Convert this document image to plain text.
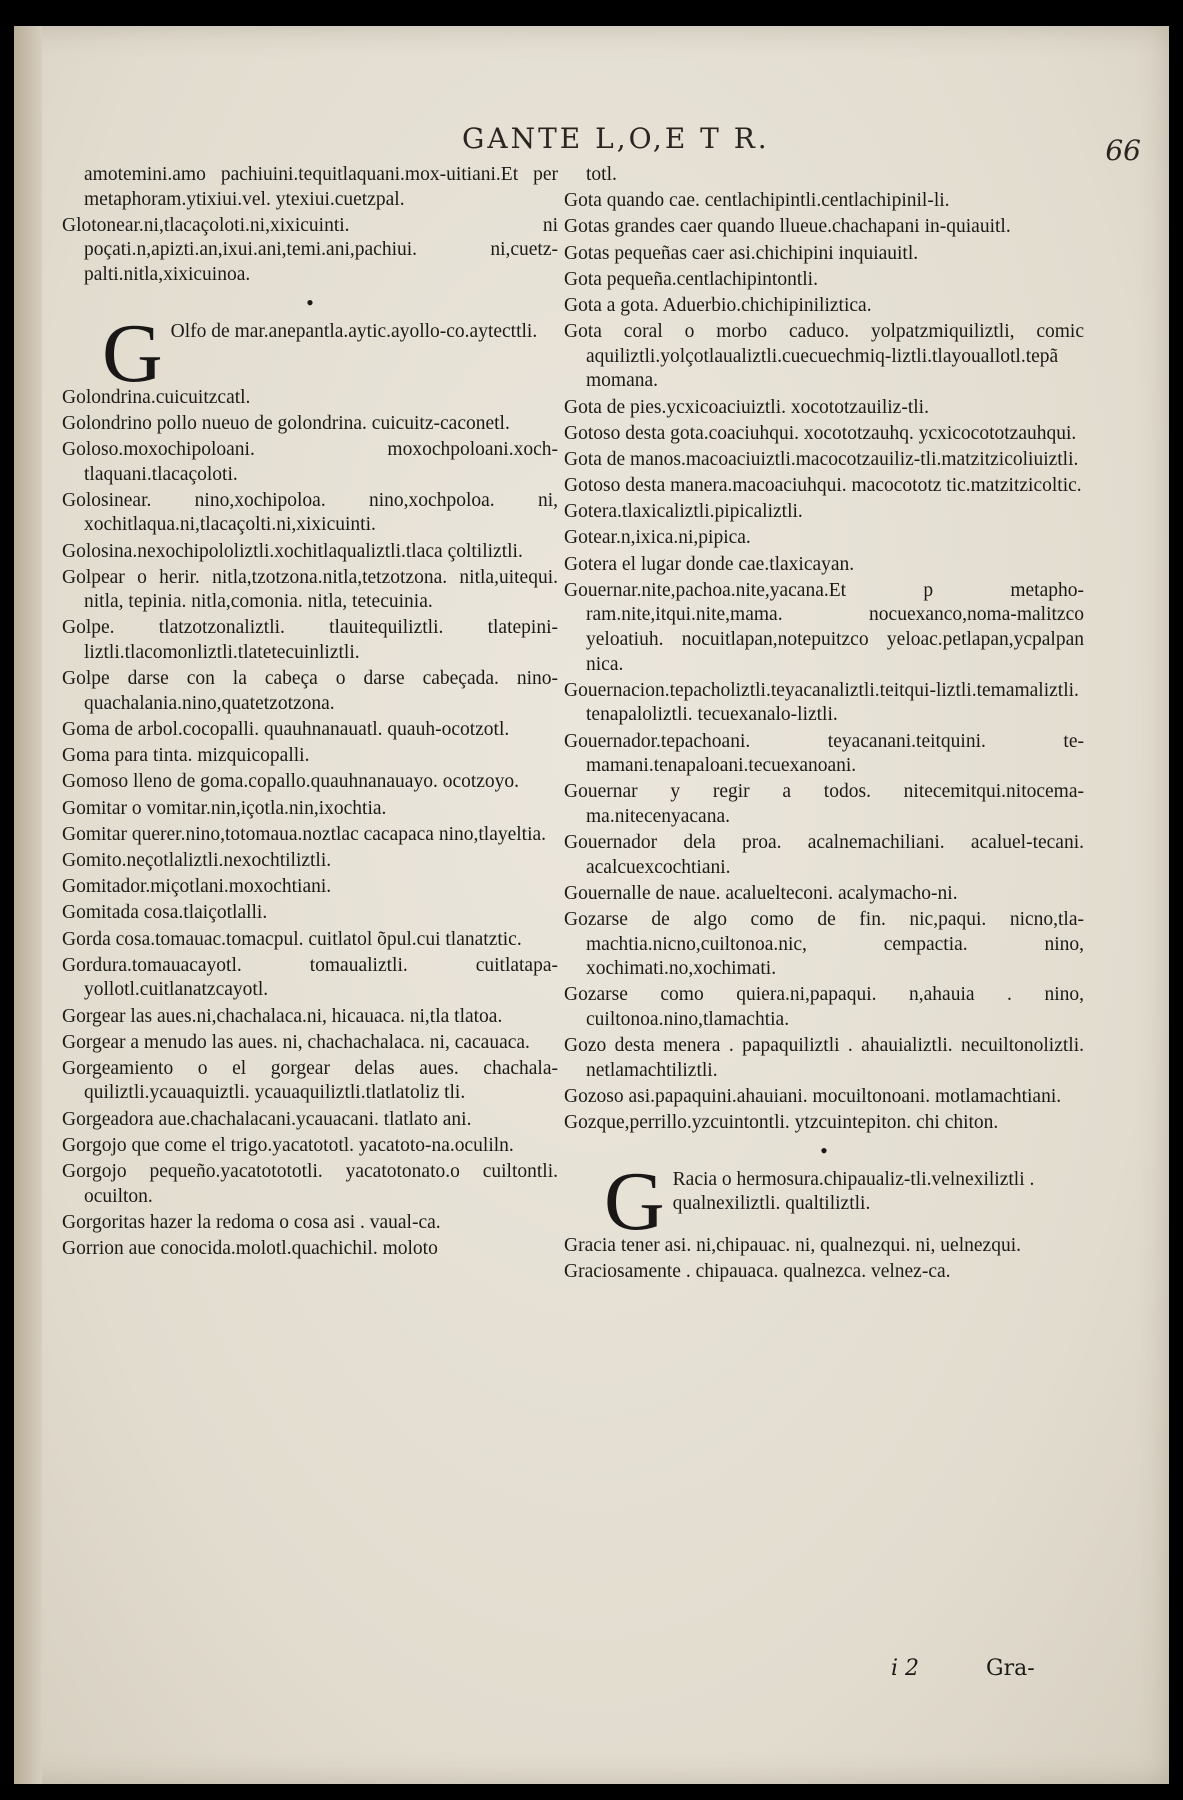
GANTE L,O,E T R.	66
amotemini.amo pachiuini.tequitlaquani.mox-uitiani.Et per metaphoram.ytixiui.vel. ytexiui.cuetzpal.
Glotonear.ni,tlacaçoloti.ni,xixicuinti. ni poçati.n,apizti.an,ixui.ani,temi.ani,pachiui. ni,cuetz-palti.nitla,xixicuinoa.
•
G Olfo de mar.anepantla.aytic.ayollo-co.aytecttli.
Golondrina.cuicuitzcatl.
Golondrino pollo nueuo de golondrina. cuicuitz-caconetl.
Goloso.moxochipoloani. moxochpoloani.xoch-tlaquani.tlacaçoloti.
Golosinear. nino,xochipoloa. nino,xochpoloa. ni, xochitlaqua.ni,tlacaçolti.ni,xixicuinti.
Golosina.nexochipololiztli.xochitlaqualiztli.tlaca çoltiliztli.
Golpear o herir. nitla,tzotzona.nitla,tetzotzona. nitla,uitequi. nitla, tepinia. nitla,comonia. nitla, tetecuinia.
Golpe. tlatzotzonaliztli. tlauitequiliztli. tlatepini-liztli.tlacomonliztli.tlatetecuinliztli.
Golpe darse con la cabeça o darse cabeçada. nino-quachalania.nino,quatetzotzona.
Goma de arbol.cocopalli. quauhnanauatl. quauh-ocotzotl.
Goma para tinta. mizquicopalli.
Gomoso lleno de goma.copallo.quauhnanauayo. ocotzoyo.
Gomitar o vomitar.nin,içotla.nin,ixochtia.
Gomitar querer.nino,totomaua.noztlac cacapaca nino,tlayeltia.
Gomito.neçotlaliztli.nexochtiliztli.
Gomitador.miçotlani.moxochtiani.
Gomitada cosa.tlaiçotlalli.
Gorda cosa.tomauac.tomacpul. cuitlatol õpul.cui tlanatztic.
Gordura.tomauacayotl. tomaualiztli. cuitlatapa-yollotl.cuitlanatzcayotl.
Gorgear las aues.ni,chachalaca.ni, hicauaca. ni,tla tlatoa.
Gorgear a menudo las aues. ni, chachachalaca. ni, cacauaca.
Gorgeamiento o el gorgear delas aues. chachala-quiliztli.ycauaquiztli. ycauaquiliztli.tlatlatoliz tli.
Gorgeadora aue.chachalacani.ycauacani. tlatlato ani.
Gorgojo que come el trigo.yacatototl. yacatoto-na.oculiln.
Gorgojo pequeño.yacatotototli. yacatotonato.o cuiltontli. ocuilton.
Gorgoritas hazer la redoma o cosa asi . vaual-ca.
Gorrion aue conocida.molotl.quachichil. moloto
totl.
Gota quando cae. centlachipintli.centlachipinil-li.
Gotas grandes caer quando llueue.chachapani in-quiauitl.
Gotas pequeñas caer asi.chichipini inquiauitl.
Gota pequeña.centlachipintontli.
Gota a gota. Aduerbio.chichipiniliztica.
Gota coral o morbo caduco. yolpatzmiquiliztli, comic aquiliztli.yolçotlaualiztli.cuecuechmiq-liztli.tlayouallotl.tepã momana.
Gota de pies.ycxicoaciuiztli. xocototzauiliz-tli.
Gotoso desta gota.coaciuhqui. xocototzauhq. ycxicocototzauhqui.
Gota de manos.macoaciuiztli.macocotzauiliz-tli.matzitzicoliuiztli.
Gotoso desta manera.macoaciuhqui. macocototz tic.matzitzicoltic.
Gotera.tlaxicaliztli.pipicaliztli.
Gotear.n,ixica.ni,pipica.
Gotera el lugar donde cae.tlaxicayan.
Gouernar.nite,pachoa.nite,yacana.Et p metapho-ram.nite,itqui.nite,mama. nocuexanco,noma-malitzco yeloatiuh. nocuitlapan,notepuitzco yeloac.petlapan,ycpalpan nica.
Gouernacion.tepacholiztli.teyacanaliztli.teitqui-liztli.temamaliztli. tenapaloliztli. tecuexanalo-liztli.
Gouernador.tepachoani. teyacanani.teitquini. te-mamani.tenapaloani.tecuexanoani.
Gouernar y regir a todos. nitecemitqui.nitocema-ma.nitecenyacana.
Gouernador dela proa. acalnemachiliani. acaluel-tecani. acalcuexcochtiani.
Gouernalle de naue. acaluelteconi. acalymacho-ni.
Gozarse de algo como de fin. nic,paqui. nicno,tla-machtia.nicno,cuiltonoa.nic, cempactia. nino, xochimati.no,xochimati.
Gozarse como quiera.ni,papaqui. n,ahauia . nino, cuiltonoa.nino,tlamachtia.
Gozo desta menera . papaquiliztli . ahauializtli. necuiltonoliztli. netlamachtiliztli.
Gozoso asi.papaquini.ahauiani. mocuiltonoani. motlamachtiani.
Gozque,perrillo.yzcuintontli. ytzcuintepiton. chi chiton.
•
G Racia o hermosura.chipaualiz-tli.velnexiliztli . qualnexiliztli. qualtiliztli.
Gracia tener asi. ni,chipauac. ni, qualnezqui. ni, uelnezqui.
Graciosamente . chipauaca. qualnezca. velnez-ca.
i 2	Gra-
